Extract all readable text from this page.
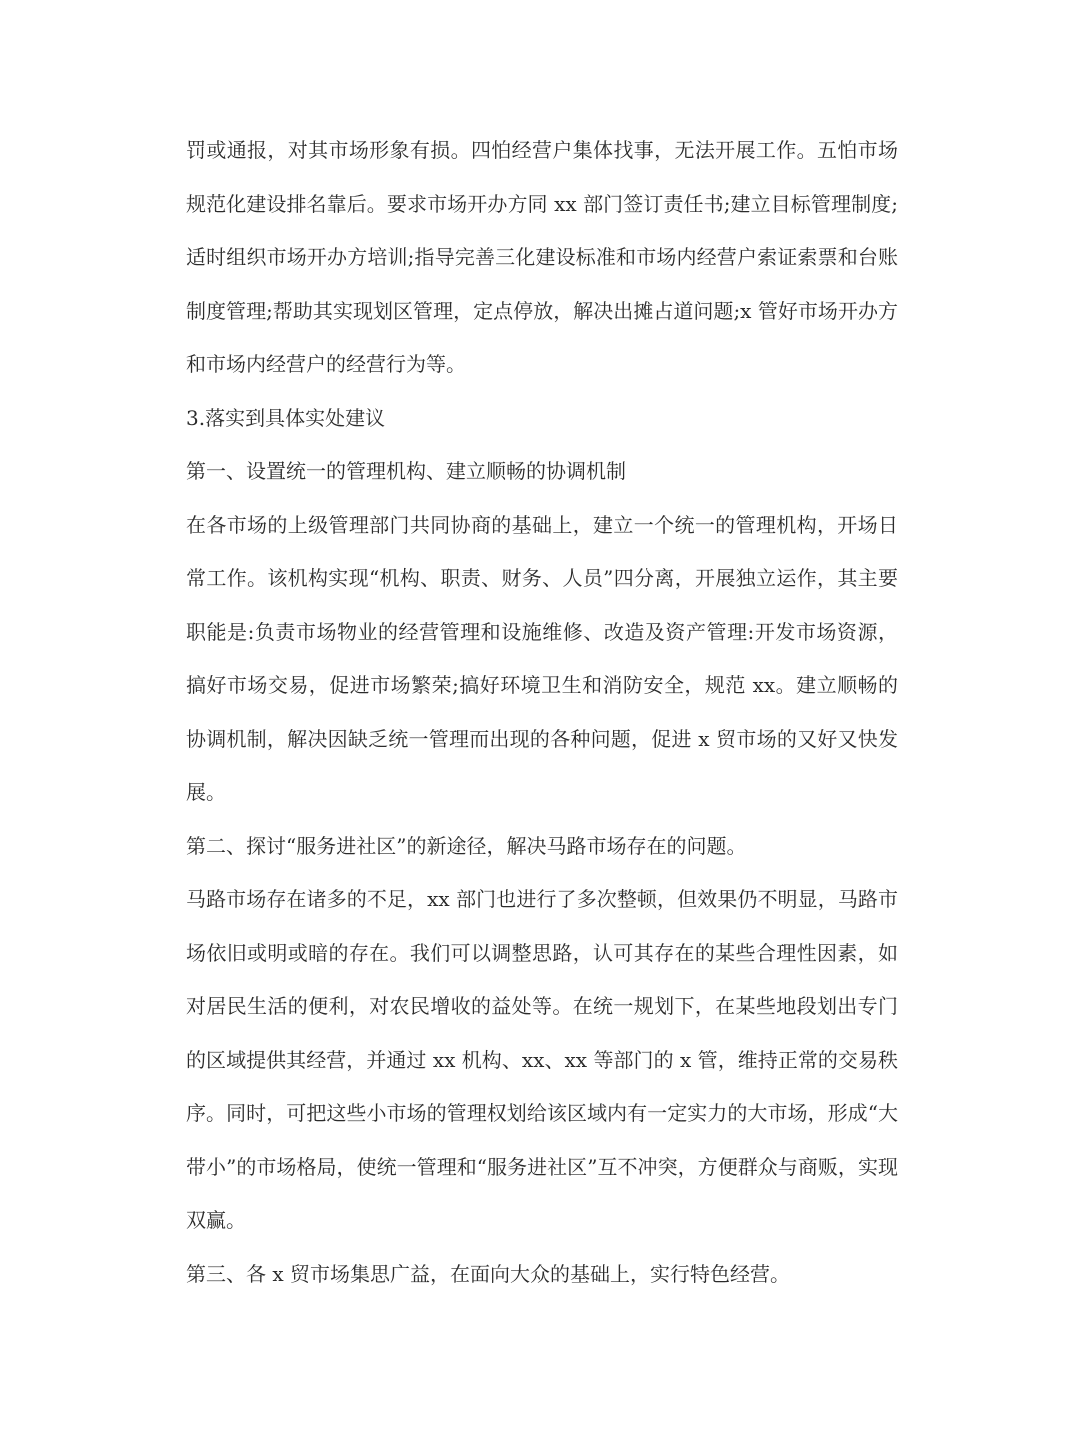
罚或通报，对其市场形象有损。四怕经营户集体找事，无法开展工作。五怕市场规范化建设排名靠后。要求市场开办方同 xx 部门签订责任书;建立目标管理制度;适时组织市场开办方培训;指导完善三化建设标准和市场内经营户索证索票和台账制度管理;帮助其实现划区管理，定点停放，解决出摊占道问题;x 管好市场开办方和市场内经营户的经营行为等。

3.落实到具体实处建议

第一、设置统一的管理机构、建立顺畅的协调机制

在各市场的上级管理部门共同协商的基础上，建立一个统一的管理机构，开场日常工作。该机构实现“机构、职责、财务、人员”四分离，开展独立运作，其主要职能是:负责市场物业的经营管理和设施维修、改造及资产管理:开发市场资源，搞好市场交易，促进市场繁荣;搞好环境卫生和消防安全，规范 xx。建立顺畅的协调机制，解决因缺乏统一管理而出现的各种问题，促进 x 贸市场的又好又快发展。

第二、探讨“服务进社区”的新途径，解决马路市场存在的问题。

马路市场存在诸多的不足，xx 部门也进行了多次整顿，但效果仍不明显，马路市场依旧或明或暗的存在。我们可以调整思路，认可其存在的某些合理性因素，如对居民生活的便利，对农民增收的益处等。在统一规划下，在某些地段划出专门的区域提供其经营，并通过 xx 机构、xx、xx 等部门的 x 管，维持正常的交易秩序。同时，可把这些小市场的管理权划给该区域内有一定实力的大市场，形成“大带小”的市场格局，使统一管理和“服务进社区”互不冲突，方便群众与商贩，实现双赢。

第三、各 x 贸市场集思广益，在面向大众的基础上，实行特色经营。
